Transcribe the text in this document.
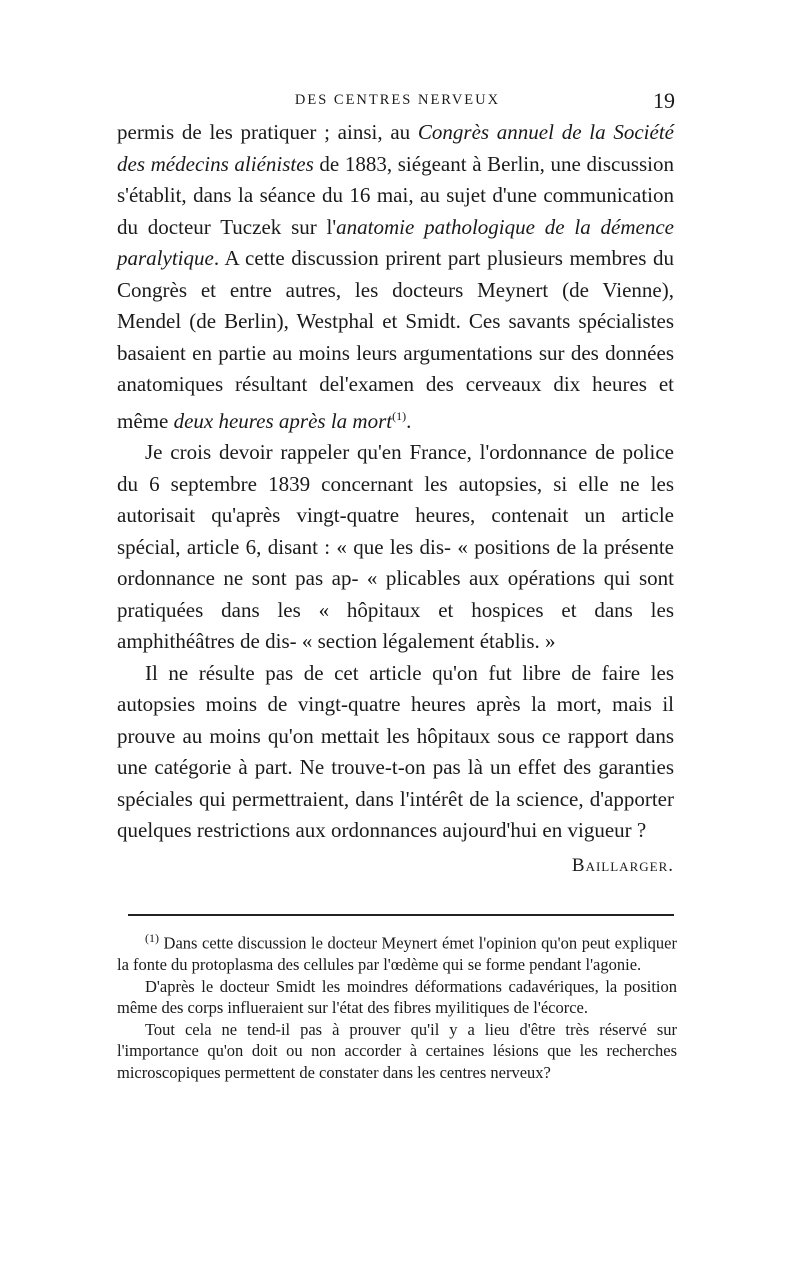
DES CENTRES NERVEUX	19

permis de les pratiquer ; ainsi, au Congrès annuel de la Société des médecins aliénistes de 1883, siégeant à Berlin, une discussion s'établit, dans la séance du 16 mai, au sujet d'une communication du docteur Tuczek sur l'anatomie pathologique de la démence paralytique. A cette discussion prirent part plusieurs membres du Congrès et entre autres, les docteurs Meynert (de Vienne), Mendel (de Berlin), Westphal et Smidt. Ces savants spécialistes basaient en partie au moins leurs argumentations sur des données anatomiques résultant del'examen des cerveaux dix heures et même deux heures après la mort$^{(1)}$.

Je crois devoir rappeler qu'en France, l'ordonnance de police du 6 septembre 1839 concernant les autopsies, si elle ne les autorisait qu'après vingt-quatre heures, contenait un article spécial, article 6, disant : « que les dis- « positions de la présente ordonnance ne sont pas ap- « plicables aux opérations qui sont pratiquées dans les « hôpitaux et hospices et dans les amphithéâtres de dis- « section légalement établis. »

Il ne résulte pas de cet article qu'on fut libre de faire les autopsies moins de vingt-quatre heures après la mort, mais il prouve au moins qu'on mettait les hôpitaux sous ce rapport dans une catégorie à part. Ne trouve-t-on pas là un effet des garanties spéciales qui permettraient, dans l'intérêt de la science, d'apporter quelques restrictions aux ordonnances aujourd'hui en vigueur ?

Baillarger.

$^{(1)}$ Dans cette discussion le docteur Meynert émet l'opinion qu'on peut expliquer la fonte du protoplasma des cellules par l'œdème qui se forme pendant l'agonie.

D'après le docteur Smidt les moindres déformations cadavériques, la position même des corps influeraient sur l'état des fibres myilitiques de l'écorce.

Tout cela ne tend-il pas à prouver qu'il y a lieu d'être très réservé sur l'importance qu'on doit ou non accorder à certaines lésions que les recherches microscopiques permettent de constater dans les centres nerveux?
